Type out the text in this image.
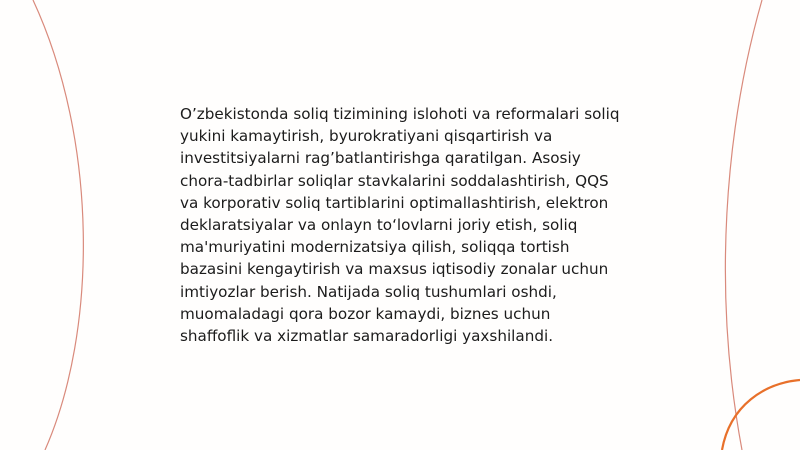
O’zbekistonda soliq tizimining islohoti va reformalari soliq yukini kamaytirish, byurokratiyani qisqartirish va investitsiyalarni rag’batlantirishga qaratilgan. Asosiy chora-tadbirlar soliqlar stavkalarini soddalashtirish, QQS va korporativ soliq tartiblarini optimallashtirish, elektron deklaratsiyalar va onlayn to‘lovlarni joriy etish, soliq ma'muriyatini modernizatsiya qilish, soliqqa tortish bazasini kengaytirish va maxsus iqtisodiy zonalar uchun imtiyozlar berish. Natijada soliq tushumlari oshdi, muomaladagi qora bozor kamaydi, biznes uchun shaffoflik va xizmatlar samaradorligi yaxshilandi.
